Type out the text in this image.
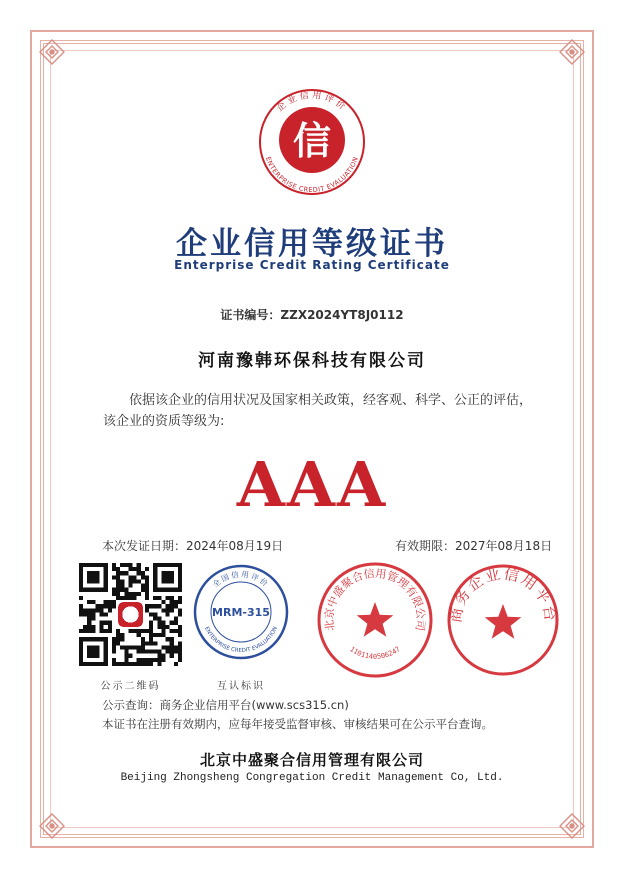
企业信用评价
ENTERPRISE CREDIT EVALUATION
信
企业信用等级证书
Enterprise Credit Rating Certificate
证书编号：ZZX2024YT8J0112
河南豫韩环保科技有限公司
依据该企业的信用状况及国家相关政策，经客观、科学、公正的评估，该企业的资质等级为:
AAA
本次发证日期：2024年08月19日	有效期限：2027年08月18日
公示二维码
全国信用评价
ENTERPRISE CREDIT EVALUATION
MRM-315
互认标识
北京中盛聚合信用管理有限公司
1101140506247
商务企业信用平台
公示查询：商务企业信用平台(www.scs315.cn)
本证书在注册有效期内，应每年接受监督审核、审核结果可在公示平台查询。
北京中盛聚合信用管理有限公司
Beijing Zhongsheng Congregation Credit Management Co, Ltd.
